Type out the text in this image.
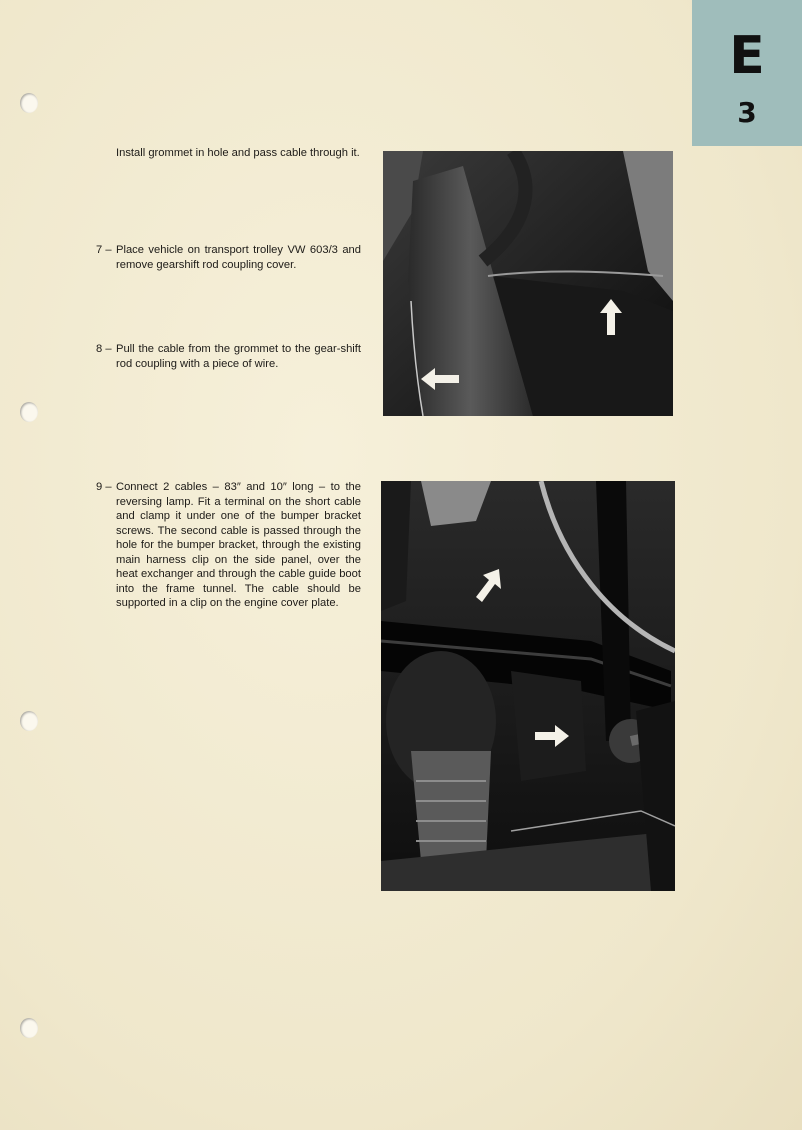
E
3
Install grommet in hole and pass cable through it.
7 – Place vehicle on transport trolley VW 603/3 and remove gearshift rod coupling cover.
8 – Pull the cable from the grommet to the gear-shift rod coupling with a piece of wire.
9 – Connect 2 cables – 83″ and 10″ long – to the reversing lamp. Fit a terminal on the short cable and clamp it under one of the bumper bracket screws. The second cable is passed through the hole for the bumper bracket, through the existing main harness clip on the side panel, over the heat exchanger and through the cable guide boot into the frame tunnel. The cable should be supported in a clip on the engine cover plate.
